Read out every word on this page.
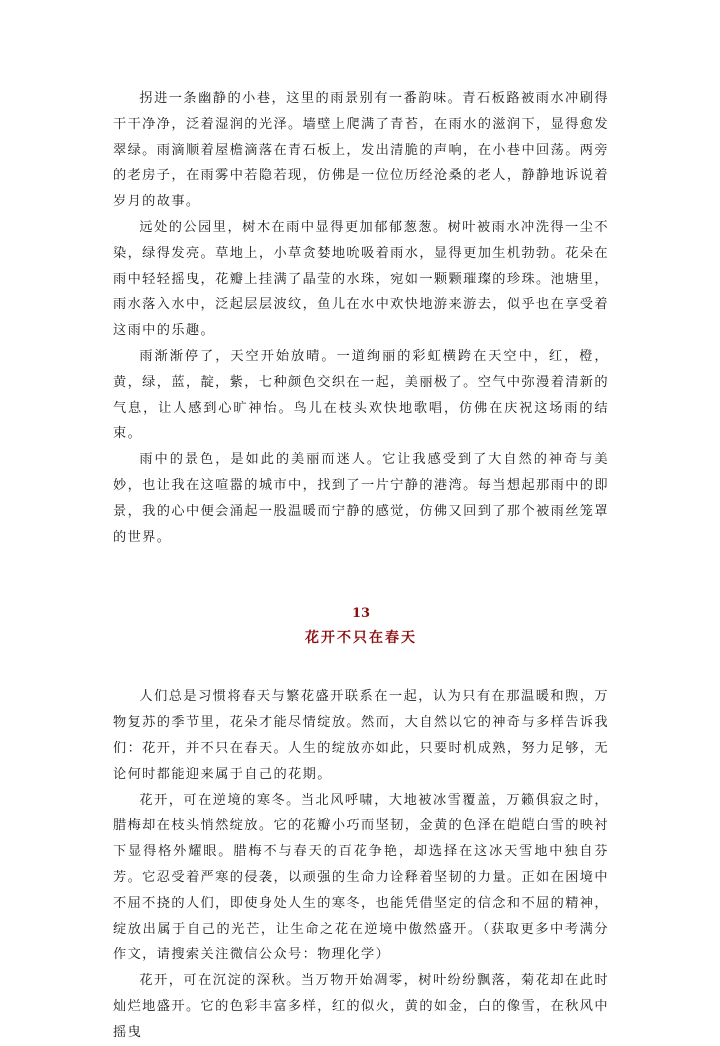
拐进一条幽静的小巷，这里的雨景别有一番韵味。青石板路被雨水冲刷得干干净净，泛着湿润的光泽。墙壁上爬满了青苔，在雨水的滋润下，显得愈发翠绿。雨滴顺着屋檐滴落在青石板上，发出清脆的声响，在小巷中回荡。两旁的老房子，在雨雾中若隐若现，仿佛是一位位历经沧桑的老人，静静地诉说着岁月的故事。

远处的公园里，树木在雨中显得更加郁郁葱葱。树叶被雨水冲洗得一尘不染，绿得发亮。草地上，小草贪婪地吮吸着雨水，显得更加生机勃勃。花朵在雨中轻轻摇曳，花瓣上挂满了晶莹的水珠，宛如一颗颗璀璨的珍珠。池塘里，雨水落入水中，泛起层层波纹，鱼儿在水中欢快地游来游去，似乎也在享受着这雨中的乐趣。

雨渐渐停了，天空开始放晴。一道绚丽的彩虹横跨在天空中，红，橙，黄，绿，蓝，靛，紫，七种颜色交织在一起，美丽极了。空气中弥漫着清新的气息，让人感到心旷神怡。鸟儿在枝头欢快地歌唱，仿佛在庆祝这场雨的结束。

雨中的景色，是如此的美丽而迷人。它让我感受到了大自然的神奇与美妙，也让我在这喧嚣的城市中，找到了一片宁静的港湾。每当想起那雨中的即景，我的心中便会涌起一股温暖而宁静的感觉，仿佛又回到了那个被雨丝笼罩的世界。

13
花开不只在春天

人们总是习惯将春天与繁花盛开联系在一起，认为只有在那温暖和煦，万物复苏的季节里，花朵才能尽情绽放。然而，大自然以它的神奇与多样告诉我们：花开，并不只在春天。人生的绽放亦如此，只要时机成熟，努力足够，无论何时都能迎来属于自己的花期。

花开，可在逆境的寒冬。当北风呼啸，大地被冰雪覆盖，万籁俱寂之时，腊梅却在枝头悄然绽放。它的花瓣小巧而坚韧，金黄的色泽在皑皑白雪的映衬下显得格外耀眼。腊梅不与春天的百花争艳，却选择在这冰天雪地中独自芬芳。它忍受着严寒的侵袭，以顽强的生命力诠释着坚韧的力量。正如在困境中不屈不挠的人们，即使身处人生的寒冬，也能凭借坚定的信念和不屈的精神，绽放出属于自己的光芒，让生命之花在逆境中傲然盛开。（获取更多中考满分作文，请搜索关注微信公众号：物理化学）

花开，可在沉淀的深秋。当万物开始凋零，树叶纷纷飘落，菊花却在此时灿烂地盛开。它的色彩丰富多样，红的似火，黄的如金，白的像雪，在秋风中摇曳
